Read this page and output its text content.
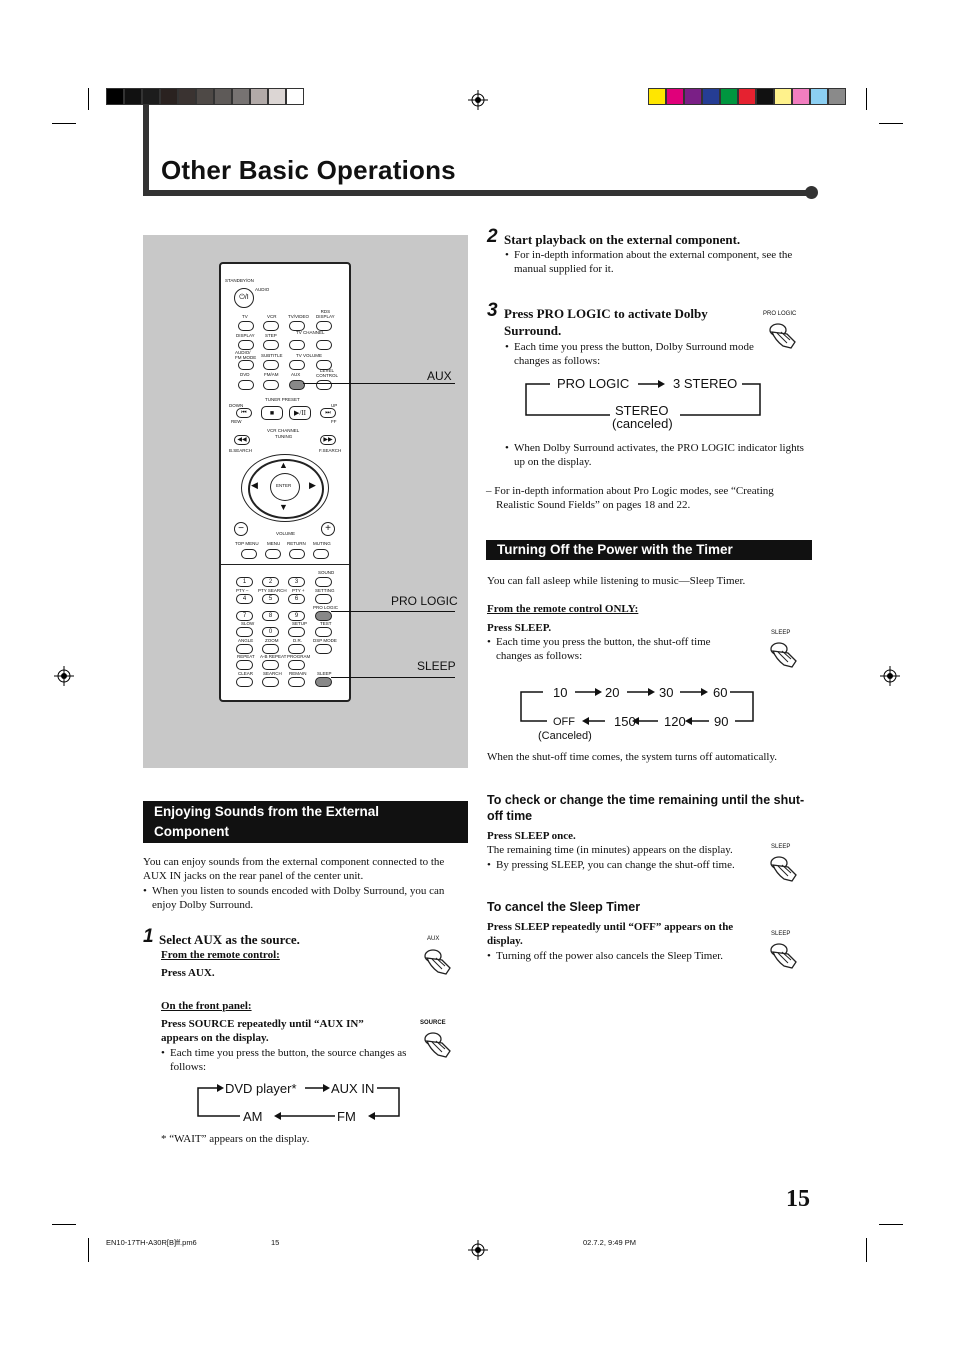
Other Basic Operations
STANDBY/ON
⏻/I
AUDIO
TV	VCR	TV/VIDEO
RDS
DISPLAY
DISPLAY STEP
TV CHANNEL
AUDIO/
FM MODE SUBTITLE	TV VOLUME
DVD	FM/AM	AUX
LEVEL
CONTROL
TUNER PRESET
DOWN	UP
⏮	■	▶/II	⏭
REW	FF
VCR CHANNEL
TUNING
◀◀	▶▶
B.SEARCH	F.SEARCH
ENTER
▲
▼
◀	▶
−	+
VOLUME
TOP MENU MENU RETURN MUTING
SOUND
1	2	3
PTY – PTY SEARCH PTY + SETTING
4	5	6
PRO LOGIC
7	8	9
SLOW	SETUP	TEST
0
ANGLE	ZOOM	D.R. DSP MODE
REPEAT A-B REPEAT PROGRAM
CLEAR SEARCH REMAIN SLEEP
AUX
PRO LOGIC
SLEEP
Enjoying Sounds from the External Component
You can enjoy sounds from the external component connected to the AUX IN jacks on the rear panel of the center unit.
• When you listen to sounds encoded with Dolby Surround, you can enjoy Dolby Surround.
1 Select AUX as the source.
From the remote control:
Press AUX.
On the front panel:
Press SOURCE repeatedly until “AUX IN” appears on the display.
• Each time you press the button, the source changes as follows:
AUX
SOURCE
DVD player*	AUX IN
AM	FM
* “WAIT” appears on the display.
2 Start playback on the external component.
• For in-depth information about the external component, see the manual supplied for it.
3 Press PRO LOGIC to activate Dolby Surround.
PRO LOGIC
• Each time you press the button, Dolby Surround mode changes as follows:
PRO LOGIC	3 STEREO
STEREO
(canceled)
• When Dolby Surround activates, the PRO LOGIC indicator lights up on the display.
– For in-depth information about Pro Logic modes, see “Creating Realistic Sound Fields” on pages 18 and 22.
Turning Off the Power with the Timer
You can fall asleep while listening to music—Sleep Timer.
From the remote control ONLY:
Press SLEEP.
• Each time you press the button, the shut-off time changes as follows:
SLEEP
10	20	30	60
OFF	150 120 90
(Canceled)
When the shut-off time comes, the system turns off automatically.
To check or change the time remaining until the shut-off time
Press SLEEP once.
The remaining time (in minutes) appears on the display.
• By pressing SLEEP, you can change the shut-off time.
SLEEP
To cancel the Sleep Timer
Press SLEEP repeatedly until “OFF” appears on the display.
• Turning off the power also cancels the Sleep Timer.
SLEEP
15
EN10-17TH-A30R[B]ff.pm6	15	02.7.2, 9:49 PM
